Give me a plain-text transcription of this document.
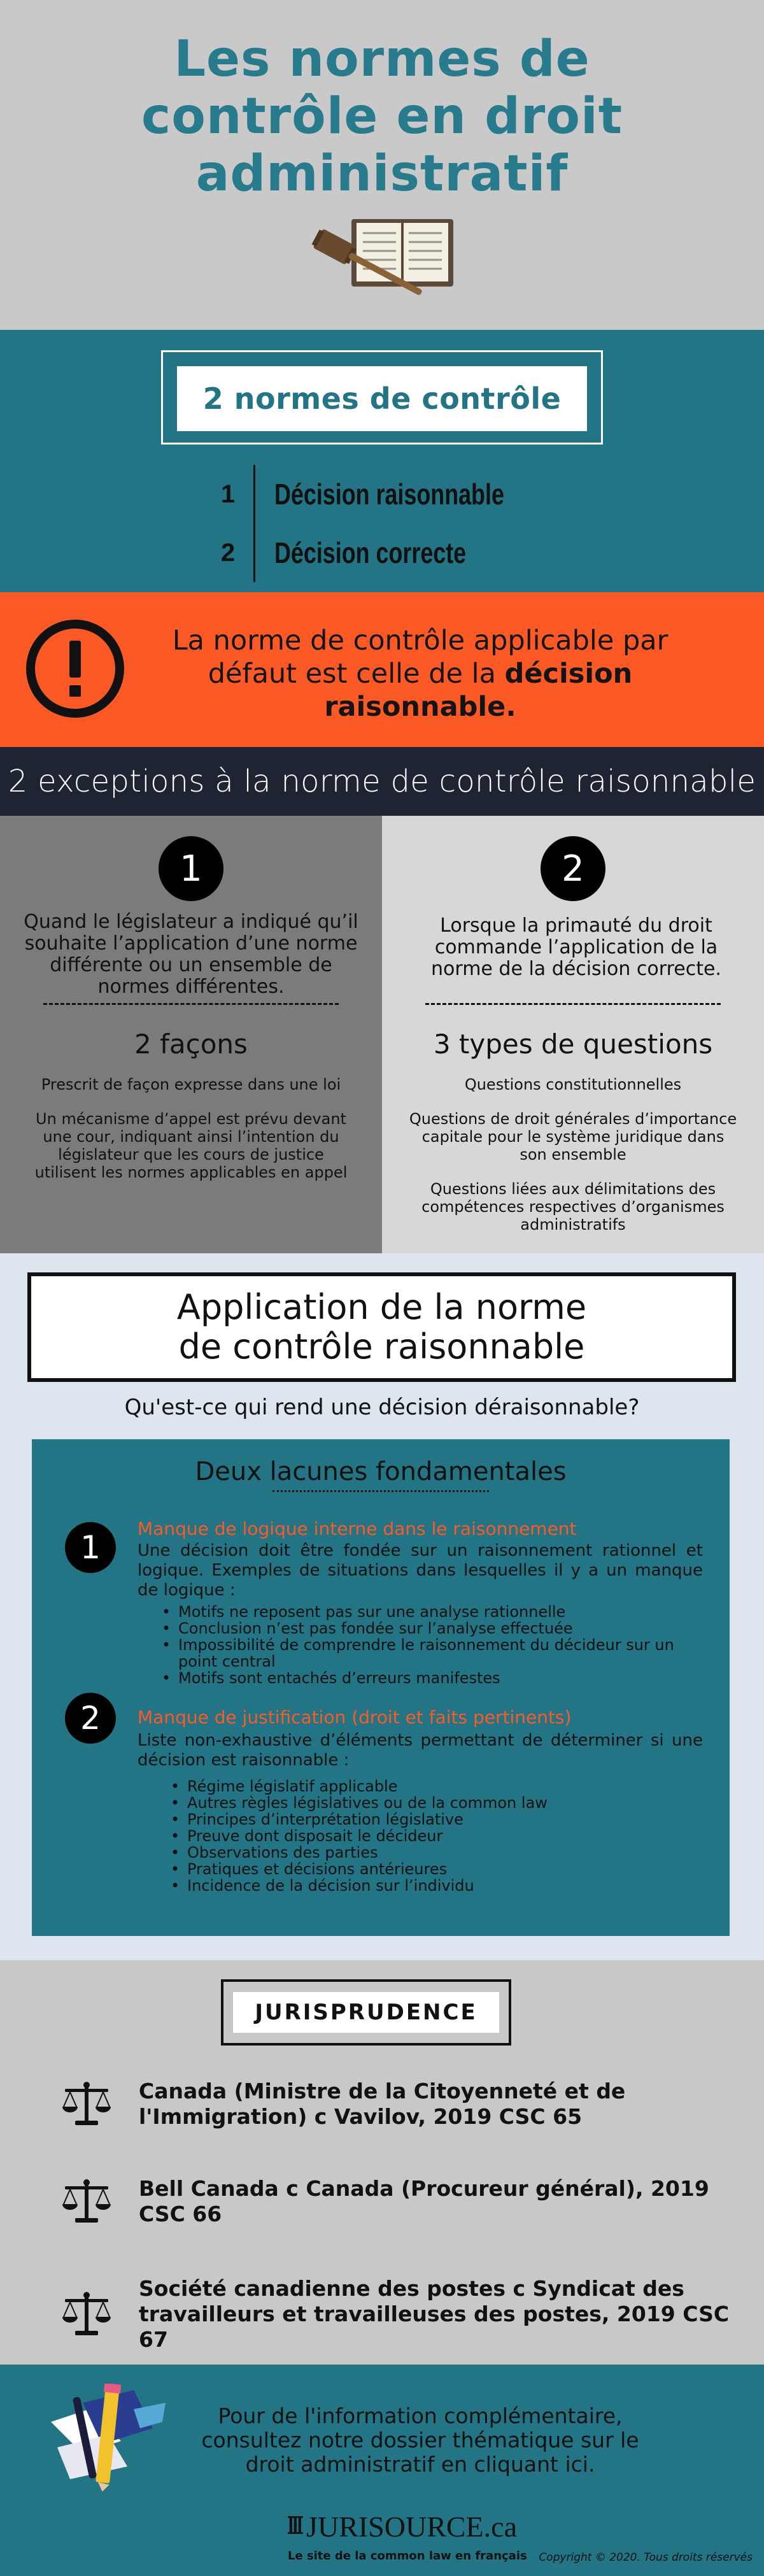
Les normes de
contrôle en droit
administratif
2 normes de contrôle
1	Décision raisonnable
2	Décision correcte
La norme de contrôle applicable par défaut est celle de la décision raisonnable.
2 exceptions à la norme de contrôle raisonnable
1
Quand le législateur a indiqué qu’il souhaite l’application d’une norme différente ou un ensemble de normes différentes.
2 façons

Prescrit de façon expresse dans une loi

Un mécanisme d’appel est prévu devant une cour, indiquant ainsi l’intention du législateur que les cours de justice utilisent les normes applicables en appel

2
Lorsque la primauté du droit commande l’application de la norme de la décision correcte.
3 types de questions

Questions constitutionnelles

Questions de droit générales d’importance capitale pour le système juridique dans son ensemble

Questions liées aux délimitations des compétences respectives d’organismes administratifs

Application de la norme de contrôle raisonnable
Qu'est-ce qui rend une décision déraisonnable?
Deux lacunes fondamentales
1
Manque de logique interne dans le raisonnement
Une décision doit être fondée sur un raisonnement rationnel et logique. Exemples de situations dans lesquelles il y a un manque de logique :
• Motifs ne reposent pas sur une analyse rationnelle
• Conclusion n’est pas fondée sur l’analyse effectuée
• Impossibilité de comprendre le raisonnement du décideur sur un point central
• Motifs sont entachés d’erreurs manifestes
2	Manque de justification (droit et faits pertinents)
Liste non-exhaustive d’éléments permettant de déterminer si une décision est raisonnable :
• Régime législatif applicable
• Autres règles législatives ou de la common law
• Principes d’interprétation législative
• Preuve dont disposait le décideur
• Observations des parties
• Pratiques et décisions antérieures
• Incidence de la décision sur l’individu
JURISPRUDENCE
Canada (Ministre de la Citoyenneté et de l'Immigration) c Vavilov, 2019 CSC 65
Bell Canada c Canada (Procureur général), 2019 CSC 66
Société canadienne des postes c Syndicat des travailleurs et travailleuses des postes, 2019 CSC 67
Pour de l'information complémentaire, consultez notre dossier thématique sur le droit administratif en cliquant ici.
JURISOURCE.ca
Le site de la common law en français Copyright © 2020. Tous droits réservés
